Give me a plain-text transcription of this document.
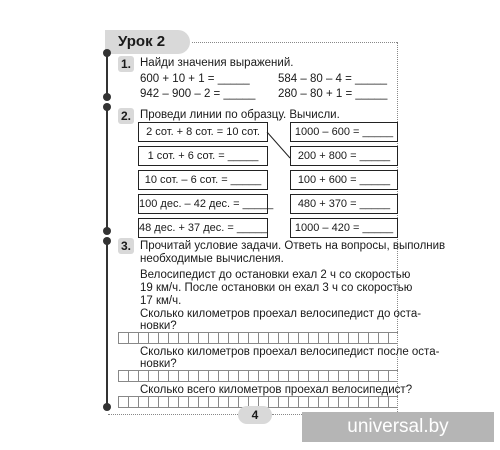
Урок 2
1. Найди значения выражений.
600 + 10 + 1 = _____ 584 – 80 – 4 = _____
942 – 900 – 2 = _____ 280 – 80 + 1 = _____
2. Проведи линии по образцу. Вычисли.
2 сот. + 8 сот. = 10 сот.
1 сот. + 6 сот. = _____
10 сот. – 6 сот. = _____
100 дес. – 42 дес. = _____
48 дес. + 37 дес. = _____
1000 – 600 = _____
200 + 800 = _____
100 + 600 = _____
480 + 370 = _____
1000 – 420 = _____
3. Прочитай условие задачи. Ответь на вопросы, выполнив
необходимые вычисления.
Велосипедист до остановки ехал 2 ч со скоростью
19 км/ч. После остановки он ехал 3 ч со скоростью
17 км/ч.
Сколько километров проехал велосипедист до оста-
новки?
Сколько километров проехал велосипедист после оста-
новки?
Сколько всего километров проехал велосипедист?
4
universal.by
